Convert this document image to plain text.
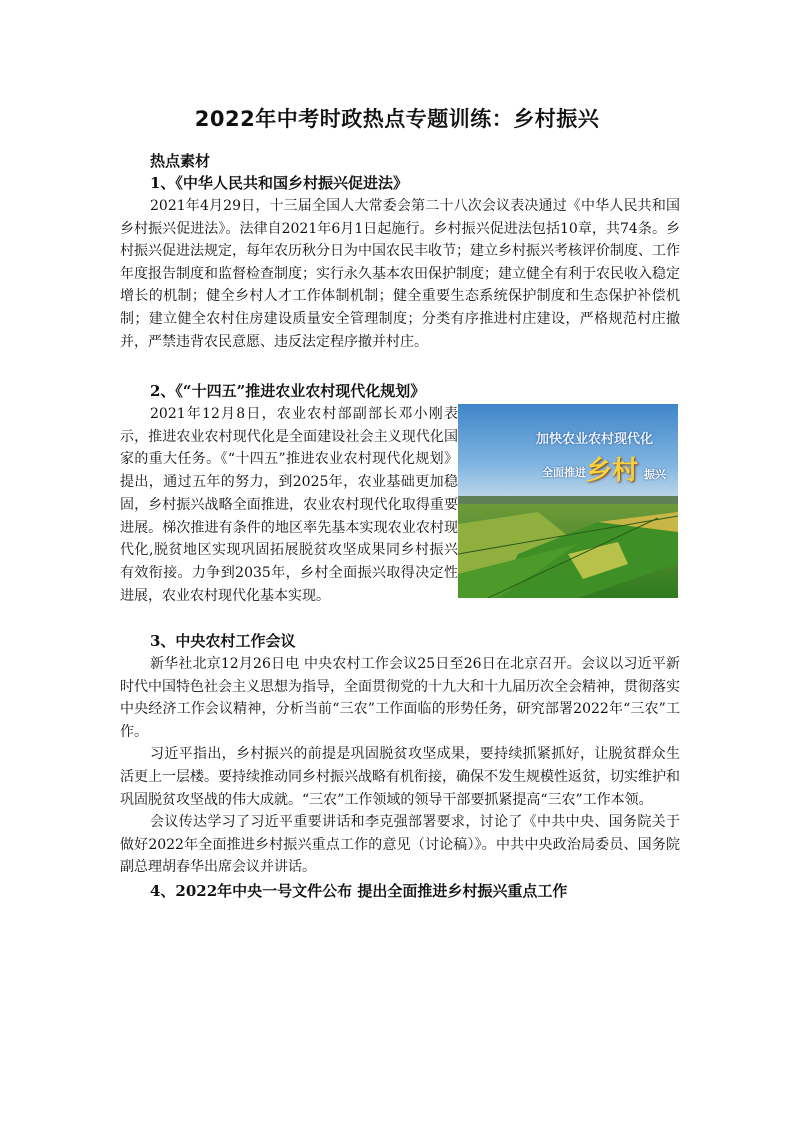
2022年中考时政热点专题训练：乡村振兴
热点素材
1、《中华人民共和国乡村振兴促进法》

2021年4月29日，十三届全国人大常委会第二十八次会议表决通过《中华人民共和国乡村振兴促进法》。法律自2021年6月1日起施行。乡村振兴促进法包括10章，共74条。乡村振兴促进法规定，每年农历秋分日为中国农民丰收节；建立乡村振兴考核评价制度、工作年度报告制度和监督检查制度；实行永久基本农田保护制度；建立健全有利于农民收入稳定增长的机制；健全乡村人才工作体制机制；健全重要生态系统保护制度和生态保护补偿机制；建立健全农村住房建设质量安全管理制度；分类有序推进村庄建设，严格规范村庄撤并，严禁违背农民意愿、违反法定程序撤并村庄。

2、《“十四五”推进农业农村现代化规划》

2021年12月8日，农业农村部副部长邓小刚表示，推进农业农村现代化是全面建设社会主义现代化国家的重大任务。《“十四五”推进农业农村现代化规划》提出，通过五年的努力，到2025年，农业基础更加稳固，乡村振兴战略全面推进，农业农村现代化取得重要进展。梯次推进有条件的地区率先基本实现农业农村现代化,脱贫地区实现巩固拓展脱贫攻坚成果同乡村振兴有效衔接。力争到2035年，乡村全面振兴取得决定性进展，农业农村现代化基本实现。

加快农业农村现代化
全面推进 乡村 振兴
3、中央农村工作会议

新华社北京12月26日电 中央农村工作会议25日至26日在北京召开。会议以习近平新时代中国特色社会主义思想为指导，全面贯彻党的十九大和十九届历次全会精神，贯彻落实中央经济工作会议精神，分析当前“三农”工作面临的形势任务，研究部署2022年“三农”工作。

习近平指出，乡村振兴的前提是巩固脱贫攻坚成果，要持续抓紧抓好，让脱贫群众生活更上一层楼。要持续推动同乡村振兴战略有机衔接，确保不发生规模性返贫，切实维护和巩固脱贫攻坚战的伟大成就。“三农”工作领域的领导干部要抓紧提高“三农”工作本领。

会议传达学习了习近平重要讲话和李克强部署要求，讨论了《中共中央、国务院关于做好2022年全面推进乡村振兴重点工作的意见（讨论稿）》。中共中央政治局委员、国务院副总理胡春华出席会议并讲话。

4、2022年中央一号文件公布 提出全面推进乡村振兴重点工作
